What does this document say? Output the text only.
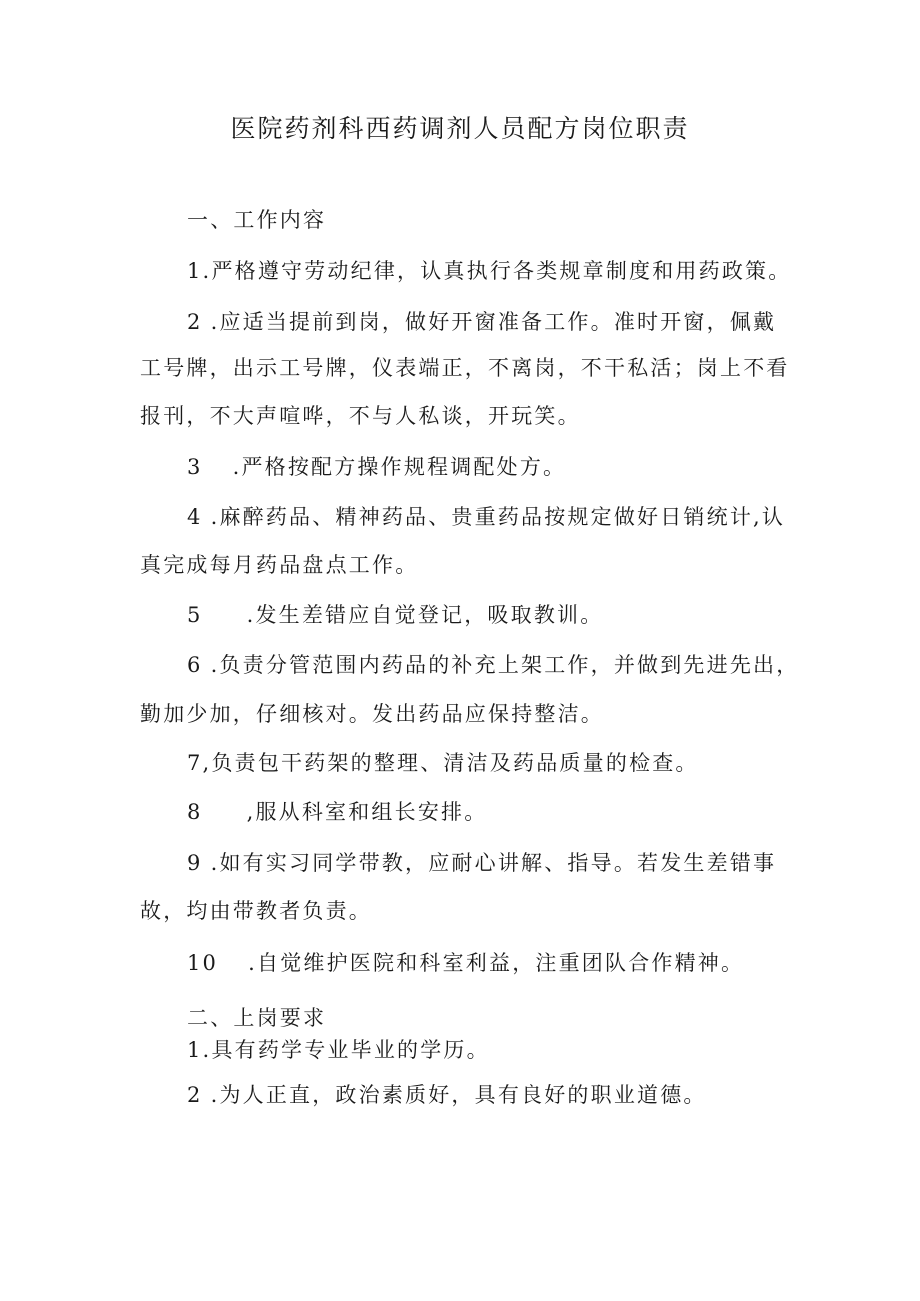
医院药剂科西药调剂人员配方岗位职责
一、工作内容
1.严格遵守劳动纪律，认真执行各类规章制度和用药政策。
2 .应适当提前到岗，做好开窗准备工作。准时开窗，佩戴
工号牌，出示工号牌，仪表端正，不离岗，不干私活；岗上不看
报刊，不大声喧哗，不与人私谈，开玩笑。
3 .严格按配方操作规程调配处方。
4 .麻醉药品、精神药品、贵重药品按规定做好日销统计,认
真完成每月药品盘点工作。
5 .发生差错应自觉登记，吸取教训。
6 .负责分管范围内药品的补充上架工作，并做到先进先出，
勤加少加，仔细核对。发出药品应保持整洁。
7,负责包干药架的整理、清洁及药品质量的检查。
8 ,服从科室和组长安排。
9 .如有实习同学带教，应耐心讲解、指导。若发生差错事
故，均由带教者负责。
10 .自觉维护医院和科室利益，注重团队合作精神。
二、上岗要求
1.具有药学专业毕业的学历。
2 .为人正直，政治素质好，具有良好的职业道德。
